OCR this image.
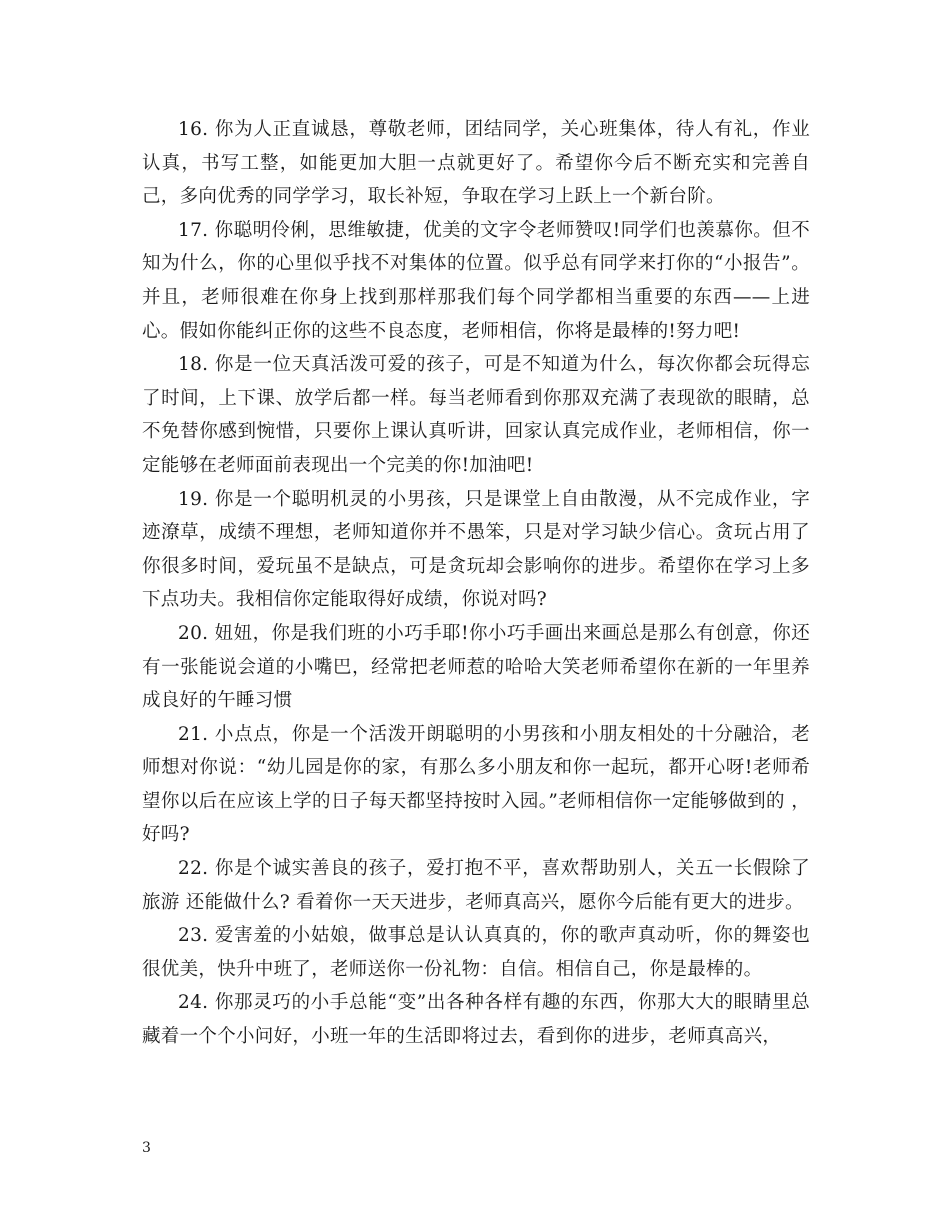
16. 你为人正直诚恳，尊敬老师，团结同学，关心班集体，待人有礼，作业认真，书写工整，如能更加大胆一点就更好了。希望你今后不断充实和完善自己，多向优秀的同学学习，取长补短，争取在学习上跃上一个新台阶。

17. 你聪明伶俐，思维敏捷，优美的文字令老师赞叹!同学们也羡慕你。但不知为什么，你的心里似乎找不对集体的位置。似乎总有同学来打你的“小报告”。并且，老师很难在你身上找到那样那我们每个同学都相当重要的东西——上进心。假如你能纠正你的这些不良态度，老师相信，你将是最棒的!努力吧!

18. 你是一位天真活泼可爱的孩子，可是不知道为什么，每次你都会玩得忘了时间，上下课、放学后都一样。每当老师看到你那双充满了表现欲的眼睛，总不免替你感到惋惜，只要你上课认真听讲，回家认真完成作业，老师相信，你一定能够在老师面前表现出一个完美的你!加油吧!

19. 你是一个聪明机灵的小男孩，只是课堂上自由散漫，从不完成作业，字迹潦草，成绩不理想，老师知道你并不愚笨，只是对学习缺少信心。贪玩占用了你很多时间，爱玩虽不是缺点，可是贪玩却会影响你的进步。希望你在学习上多下点功夫。我相信你定能取得好成绩，你说对吗?

20. 妞妞，你是我们班的小巧手耶!你小巧手画出来画总是那么有创意，你还有一张能说会道的小嘴巴，经常把老师惹的哈哈大笑老师希望你在新的一年里养成良好的午睡习惯

21. 小点点，你是一个活泼开朗聪明的小男孩和小朋友相处的十分融洽，老师想对你说：“幼儿园是你的家，有那么多小朋友和你一起玩，都开心呀!老师希望你以后在应该上学的日子每天都坚持按时入园。”老师相信你一定能够做到的 ，好吗?

22. 你是个诚实善良的孩子，爱打抱不平，喜欢帮助别人，关五一长假除了旅游 还能做什么? 看着你一天天进步，老师真高兴，愿你今后能有更大的进步。

23. 爱害羞的小姑娘，做事总是认认真真的，你的歌声真动听，你的舞姿也很优美，快升中班了，老师送你一份礼物：自信。相信自己，你是最棒的。

24. 你那灵巧的小手总能“变”出各种各样有趣的东西，你那大大的眼睛里总藏着一个个小问好，小班一年的生活即将过去，看到你的进步，老师真高兴，

3
